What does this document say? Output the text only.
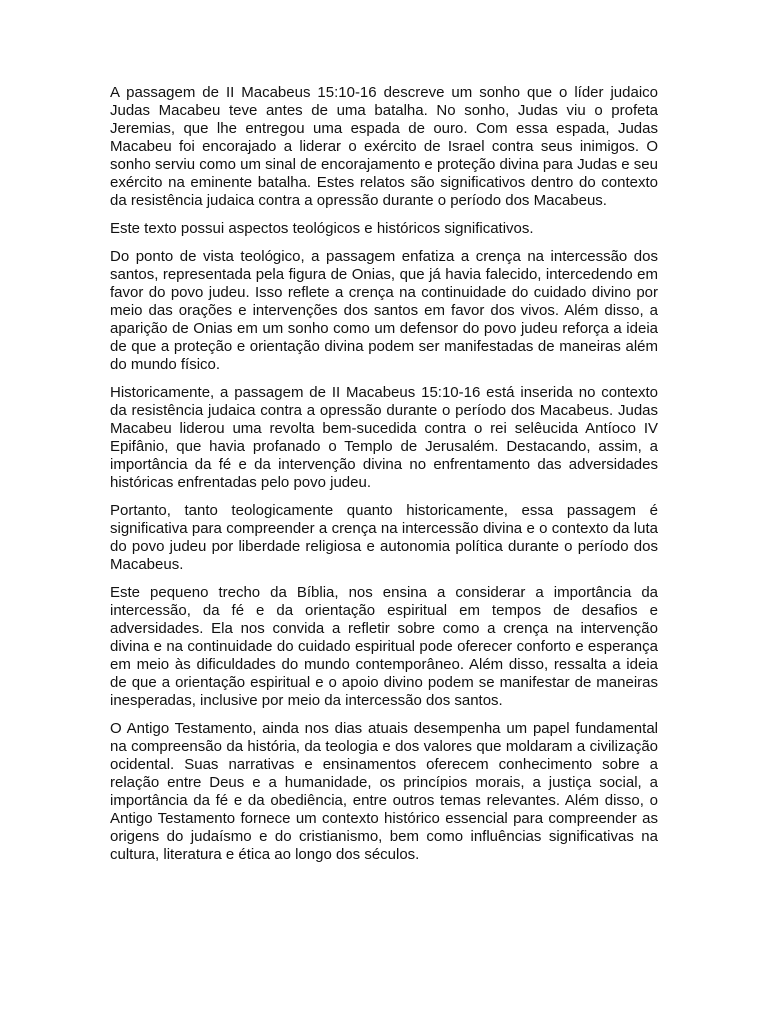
A passagem de II Macabeus 15:10-16 descreve um sonho que o líder judaico Judas Macabeu teve antes de uma batalha. No sonho, Judas viu o profeta Jeremias, que lhe entregou uma espada de ouro. Com essa espada, Judas Macabeu foi encorajado a liderar o exército de Israel contra seus inimigos. O sonho serviu como um sinal de encorajamento e proteção divina para Judas e seu exército na eminente batalha. Estes relatos são significativos dentro do contexto da resistência judaica contra a opressão durante o período dos Macabeus.

Este texto possui aspectos teológicos e históricos significativos.

Do ponto de vista teológico, a passagem enfatiza a crença na intercessão dos santos, representada pela figura de Onias, que já havia falecido, intercedendo em favor do povo judeu. Isso reflete a crença na continuidade do cuidado divino por meio das orações e intervenções dos santos em favor dos vivos. Além disso, a aparição de Onias em um sonho como um defensor do povo judeu reforça a ideia de que a proteção e orientação divina podem ser manifestadas de maneiras além do mundo físico.

Historicamente, a passagem de II Macabeus 15:10-16 está inserida no contexto da resistência judaica contra a opressão durante o período dos Macabeus. Judas Macabeu liderou uma revolta bem-sucedida contra o rei selêucida Antíoco IV Epifânio, que havia profanado o Templo de Jerusalém. Destacando, assim, a importância da fé e da intervenção divina no enfrentamento das adversidades históricas enfrentadas pelo povo judeu.

Portanto, tanto teologicamente quanto historicamente, essa passagem é significativa para compreender a crença na intercessão divina e o contexto da luta do povo judeu por liberdade religiosa e autonomia política durante o período dos Macabeus.

Este pequeno trecho da Bíblia, nos ensina a considerar a importância da intercessão, da fé e da orientação espiritual em tempos de desafios e adversidades. Ela nos convida a refletir sobre como a crença na intervenção divina e na continuidade do cuidado espiritual pode oferecer conforto e esperança em meio às dificuldades do mundo contemporâneo. Além disso, ressalta a ideia de que a orientação espiritual e o apoio divino podem se manifestar de maneiras inesperadas, inclusive por meio da intercessão dos santos.

O Antigo Testamento, ainda nos dias atuais desempenha um papel fundamental na compreensão da história, da teologia e dos valores que moldaram a civilização ocidental. Suas narrativas e ensinamentos oferecem conhecimento sobre a relação entre Deus e a humanidade, os princípios morais, a justiça social, a importância da fé e da obediência, entre outros temas relevantes. Além disso, o Antigo Testamento fornece um contexto histórico essencial para compreender as origens do judaísmo e do cristianismo, bem como influências significativas na cultura, literatura e ética ao longo dos séculos.
